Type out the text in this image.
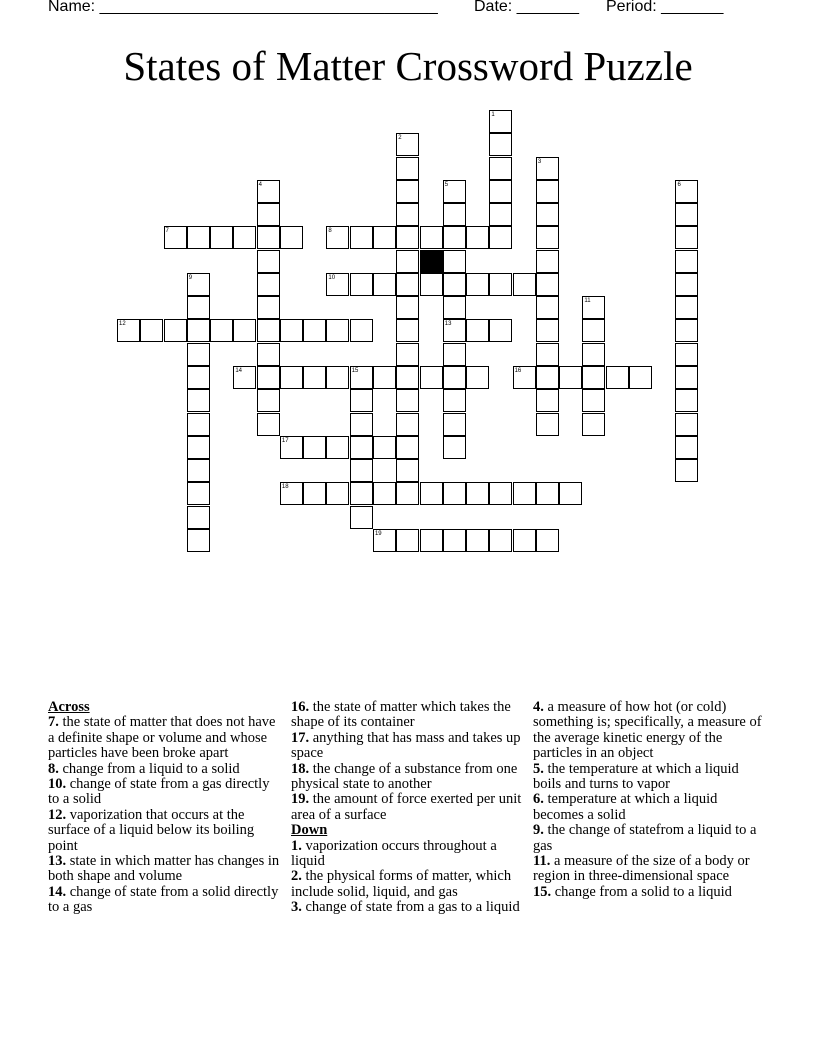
Name: ______________________________________ Date: _______ Period: _______
States of Matter Crossword Puzzle
7	8
10
12	13
14	16
17
18
19
1
2
3
4	5	6
9
11
15

Across

7. the state of matter that does not have a definite shape or volume and whose particles have been broke apart

8. change from a liquid to a solid

10. change of state from a gas directly to a solid

12. vaporization that occurs at the surface of a liquid below its boiling point

13. state in which matter has changes in both shape and volume

14. change of state from a solid directly to a gas

16. the state of matter which takes the shape of its container

17. anything that has mass and takes up space

18. the change of a substance from one physical state to another

19. the amount of force exerted per unit area of a surface

Down

1. vaporization occurs throughout a liquid

2. the physical forms of matter, which include solid, liquid, and gas

3. change of state from a gas to a liquid

4. a measure of how hot (or cold) something is; specifically, a measure of the average kinetic energy of the particles in an object

5. the temperature at which a liquid boils and turns to vapor

6. temperature at which a liquid becomes a solid

9. the change of statefrom a liquid to a gas

11. a measure of the size of a body or region in three-dimensional space

15. change from a solid to a liquid
